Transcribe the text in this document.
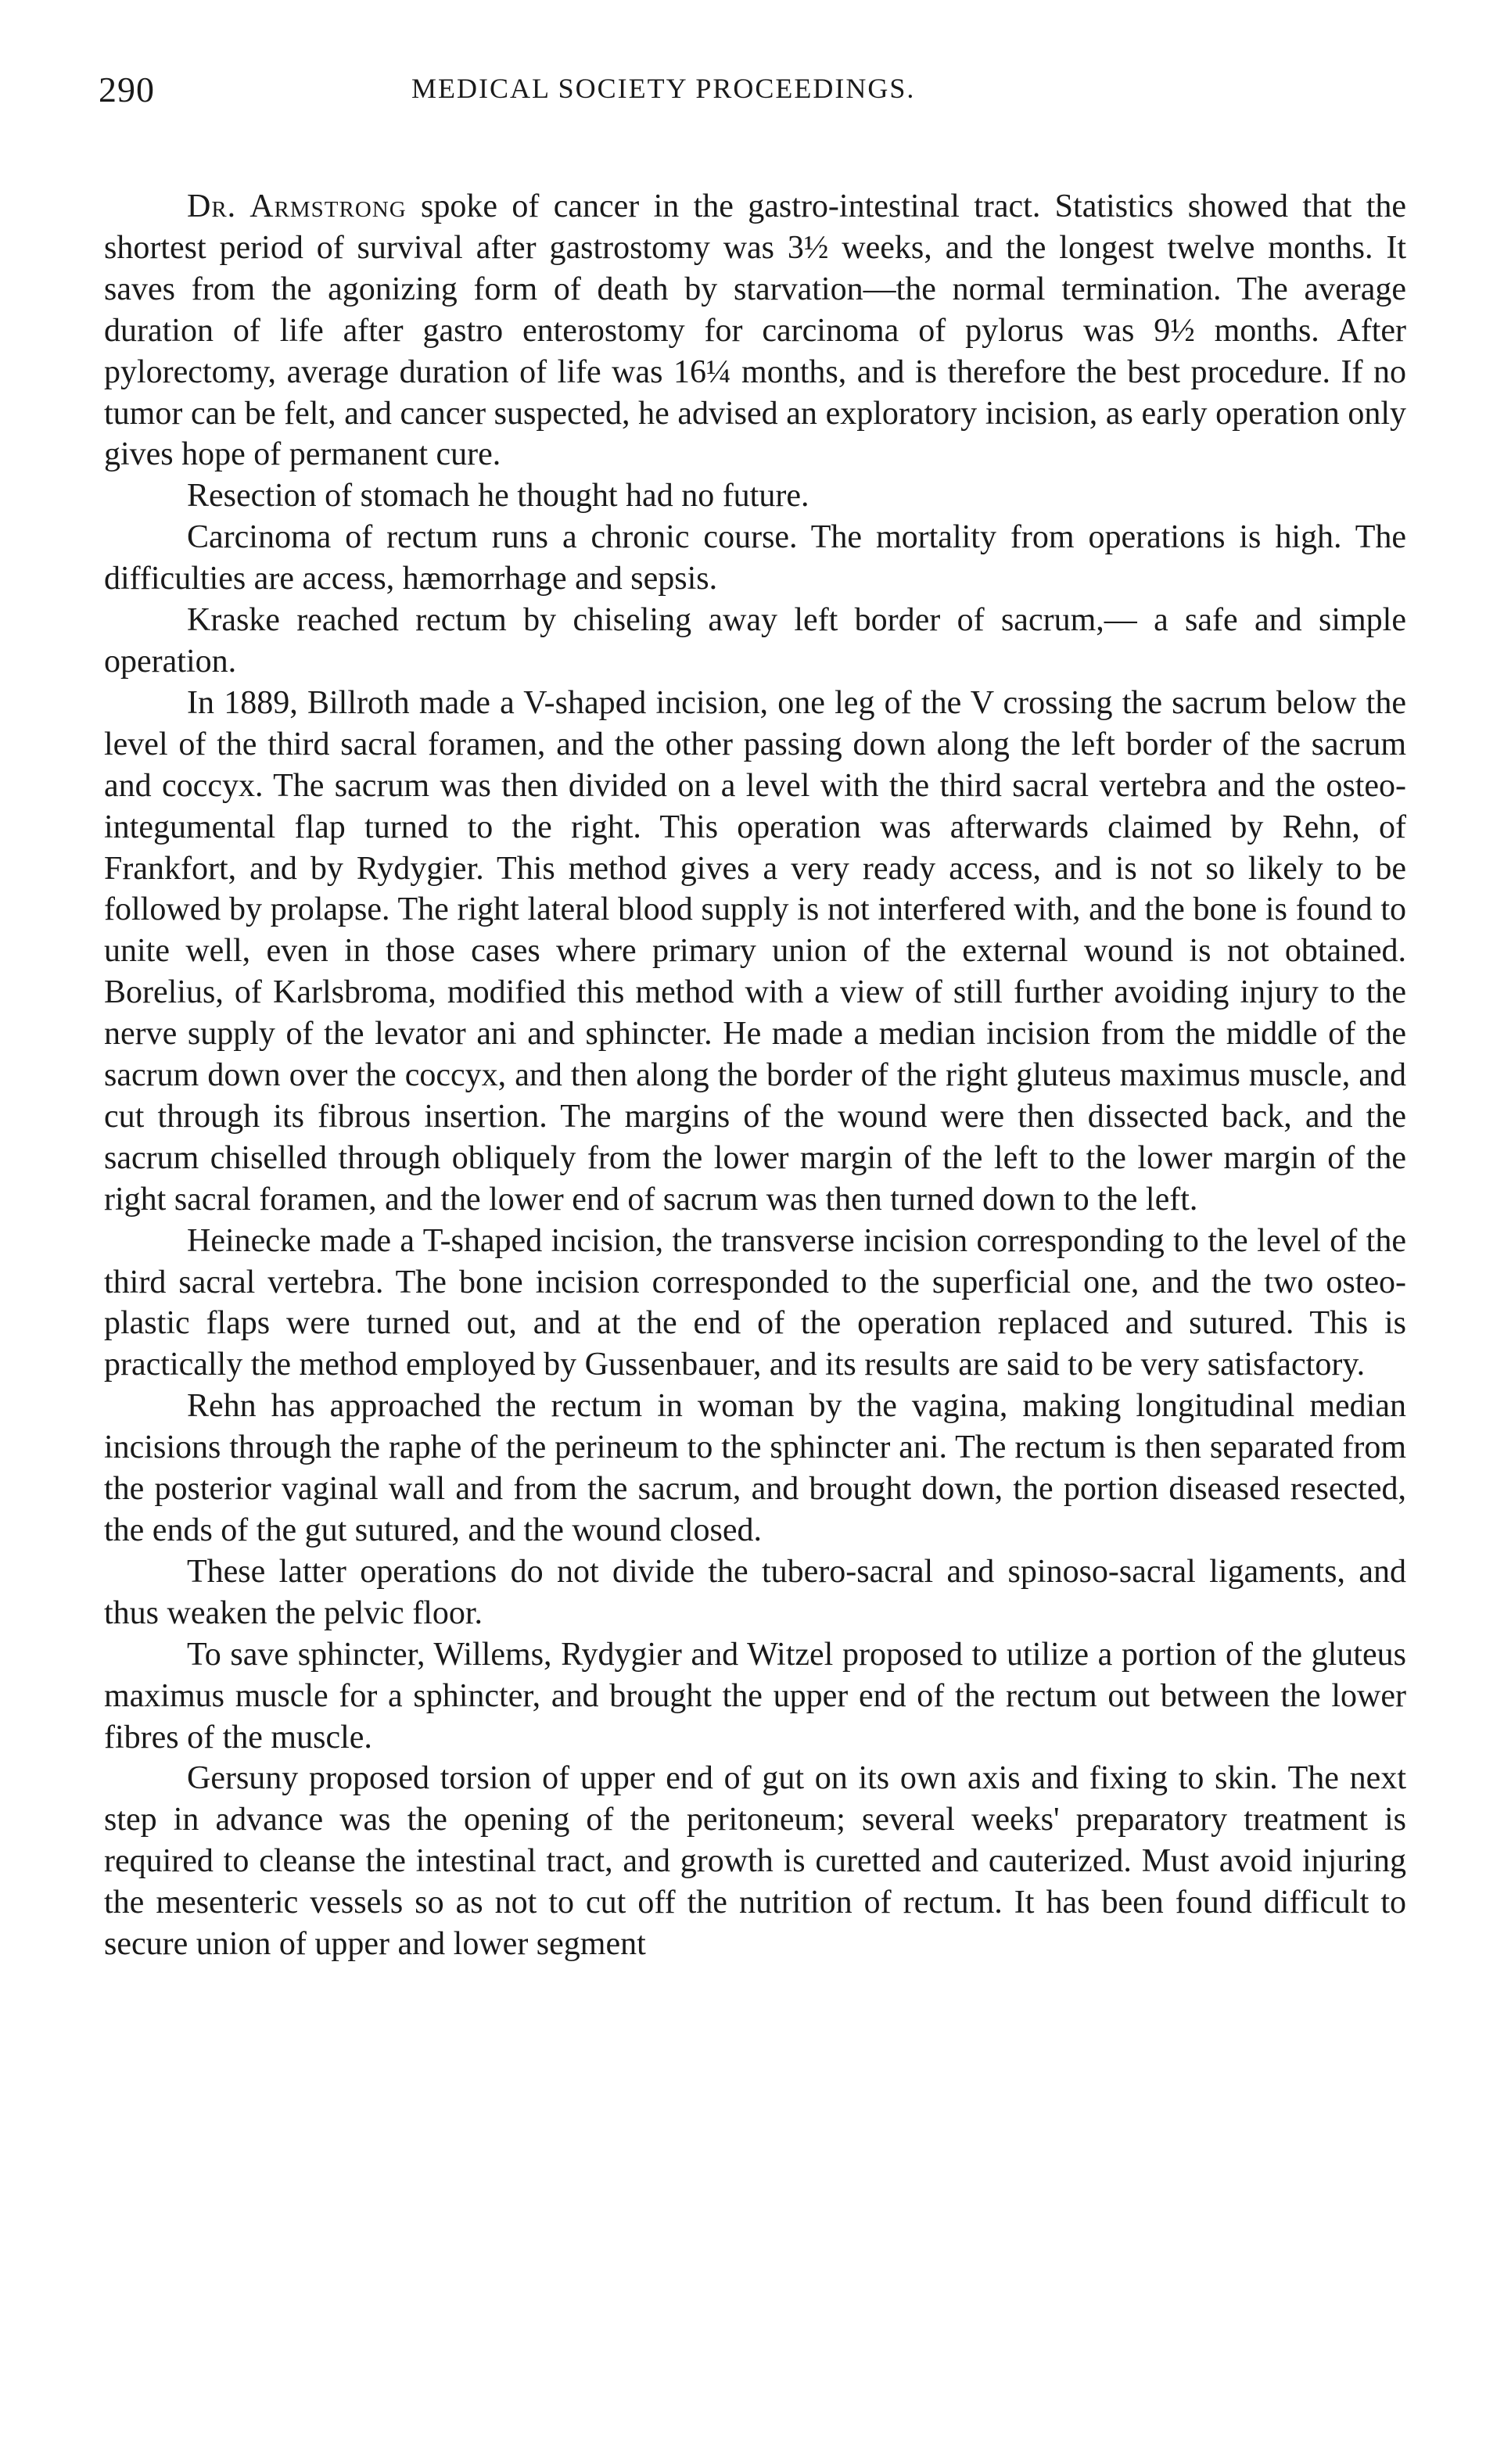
290	MEDICAL SOCIETY PROCEEDINGS.

Dr. Armstrong spoke of cancer in the gastro-intestinal tract. Statistics showed that the shortest period of survival after gastrostomy was 3½ weeks, and the longest twelve months. It saves from the agonizing form of death by starvation—the normal termination. The average duration of life after gastro enterostomy for carcinoma of pylorus was 9½ months. After pylorectomy, average duration of life was 16¼ months, and is therefore the best procedure. If no tumor can be felt, and cancer suspected, he advised an exploratory incision, as early operation only gives hope of permanent cure.

Resection of stomach he thought had no future.

Carcinoma of rectum runs a chronic course. The mortality from operations is high. The difficulties are access, hæmorrhage and sepsis.

Kraske reached rectum by chiseling away left border of sacrum,— a safe and simple operation.

In 1889, Billroth made a V-shaped incision, one leg of the V crossing the sacrum below the level of the third sacral foramen, and the other passing down along the left border of the sacrum and coccyx. The sacrum was then divided on a level with the third sacral vertebra and the osteo-integumental flap turned to the right. This operation was afterwards claimed by Rehn, of Frankfort, and by Rydygier. This method gives a very ready access, and is not so likely to be followed by prolapse. The right lateral blood supply is not interfered with, and the bone is found to unite well, even in those cases where primary union of the external wound is not obtained. Borelius, of Karlsbroma, modified this method with a view of still further avoiding injury to the nerve supply of the levator ani and sphincter. He made a median incision from the middle of the sacrum down over the coccyx, and then along the border of the right gluteus maximus muscle, and cut through its fibrous insertion. The margins of the wound were then dissected back, and the sacrum chiselled through obliquely from the lower margin of the left to the lower margin of the right sacral foramen, and the lower end of sacrum was then turned down to the left.

Heinecke made a T-shaped incision, the transverse incision corresponding to the level of the third sacral vertebra. The bone incision corresponded to the superficial one, and the two osteo-plastic flaps were turned out, and at the end of the operation replaced and sutured. This is practically the method employed by Gussenbauer, and its results are said to be very satisfactory.

Rehn has approached the rectum in woman by the vagina, making longitudinal median incisions through the raphe of the perineum to the sphincter ani. The rectum is then separated from the posterior vaginal wall and from the sacrum, and brought down, the portion diseased resected, the ends of the gut sutured, and the wound closed.

These latter operations do not divide the tubero-sacral and spinoso-sacral ligaments, and thus weaken the pelvic floor.

To save sphincter, Willems, Rydygier and Witzel proposed to utilize a portion of the gluteus maximus muscle for a sphincter, and brought the upper end of the rectum out between the lower fibres of the muscle.

Gersuny proposed torsion of upper end of gut on its own axis and fixing to skin. The next step in advance was the opening of the peritoneum; several weeks' preparatory treatment is required to cleanse the intestinal tract, and growth is curetted and cauterized. Must avoid injuring the mesenteric vessels so as not to cut off the nutrition of rectum. It has been found difficult to secure union of upper and lower segment
